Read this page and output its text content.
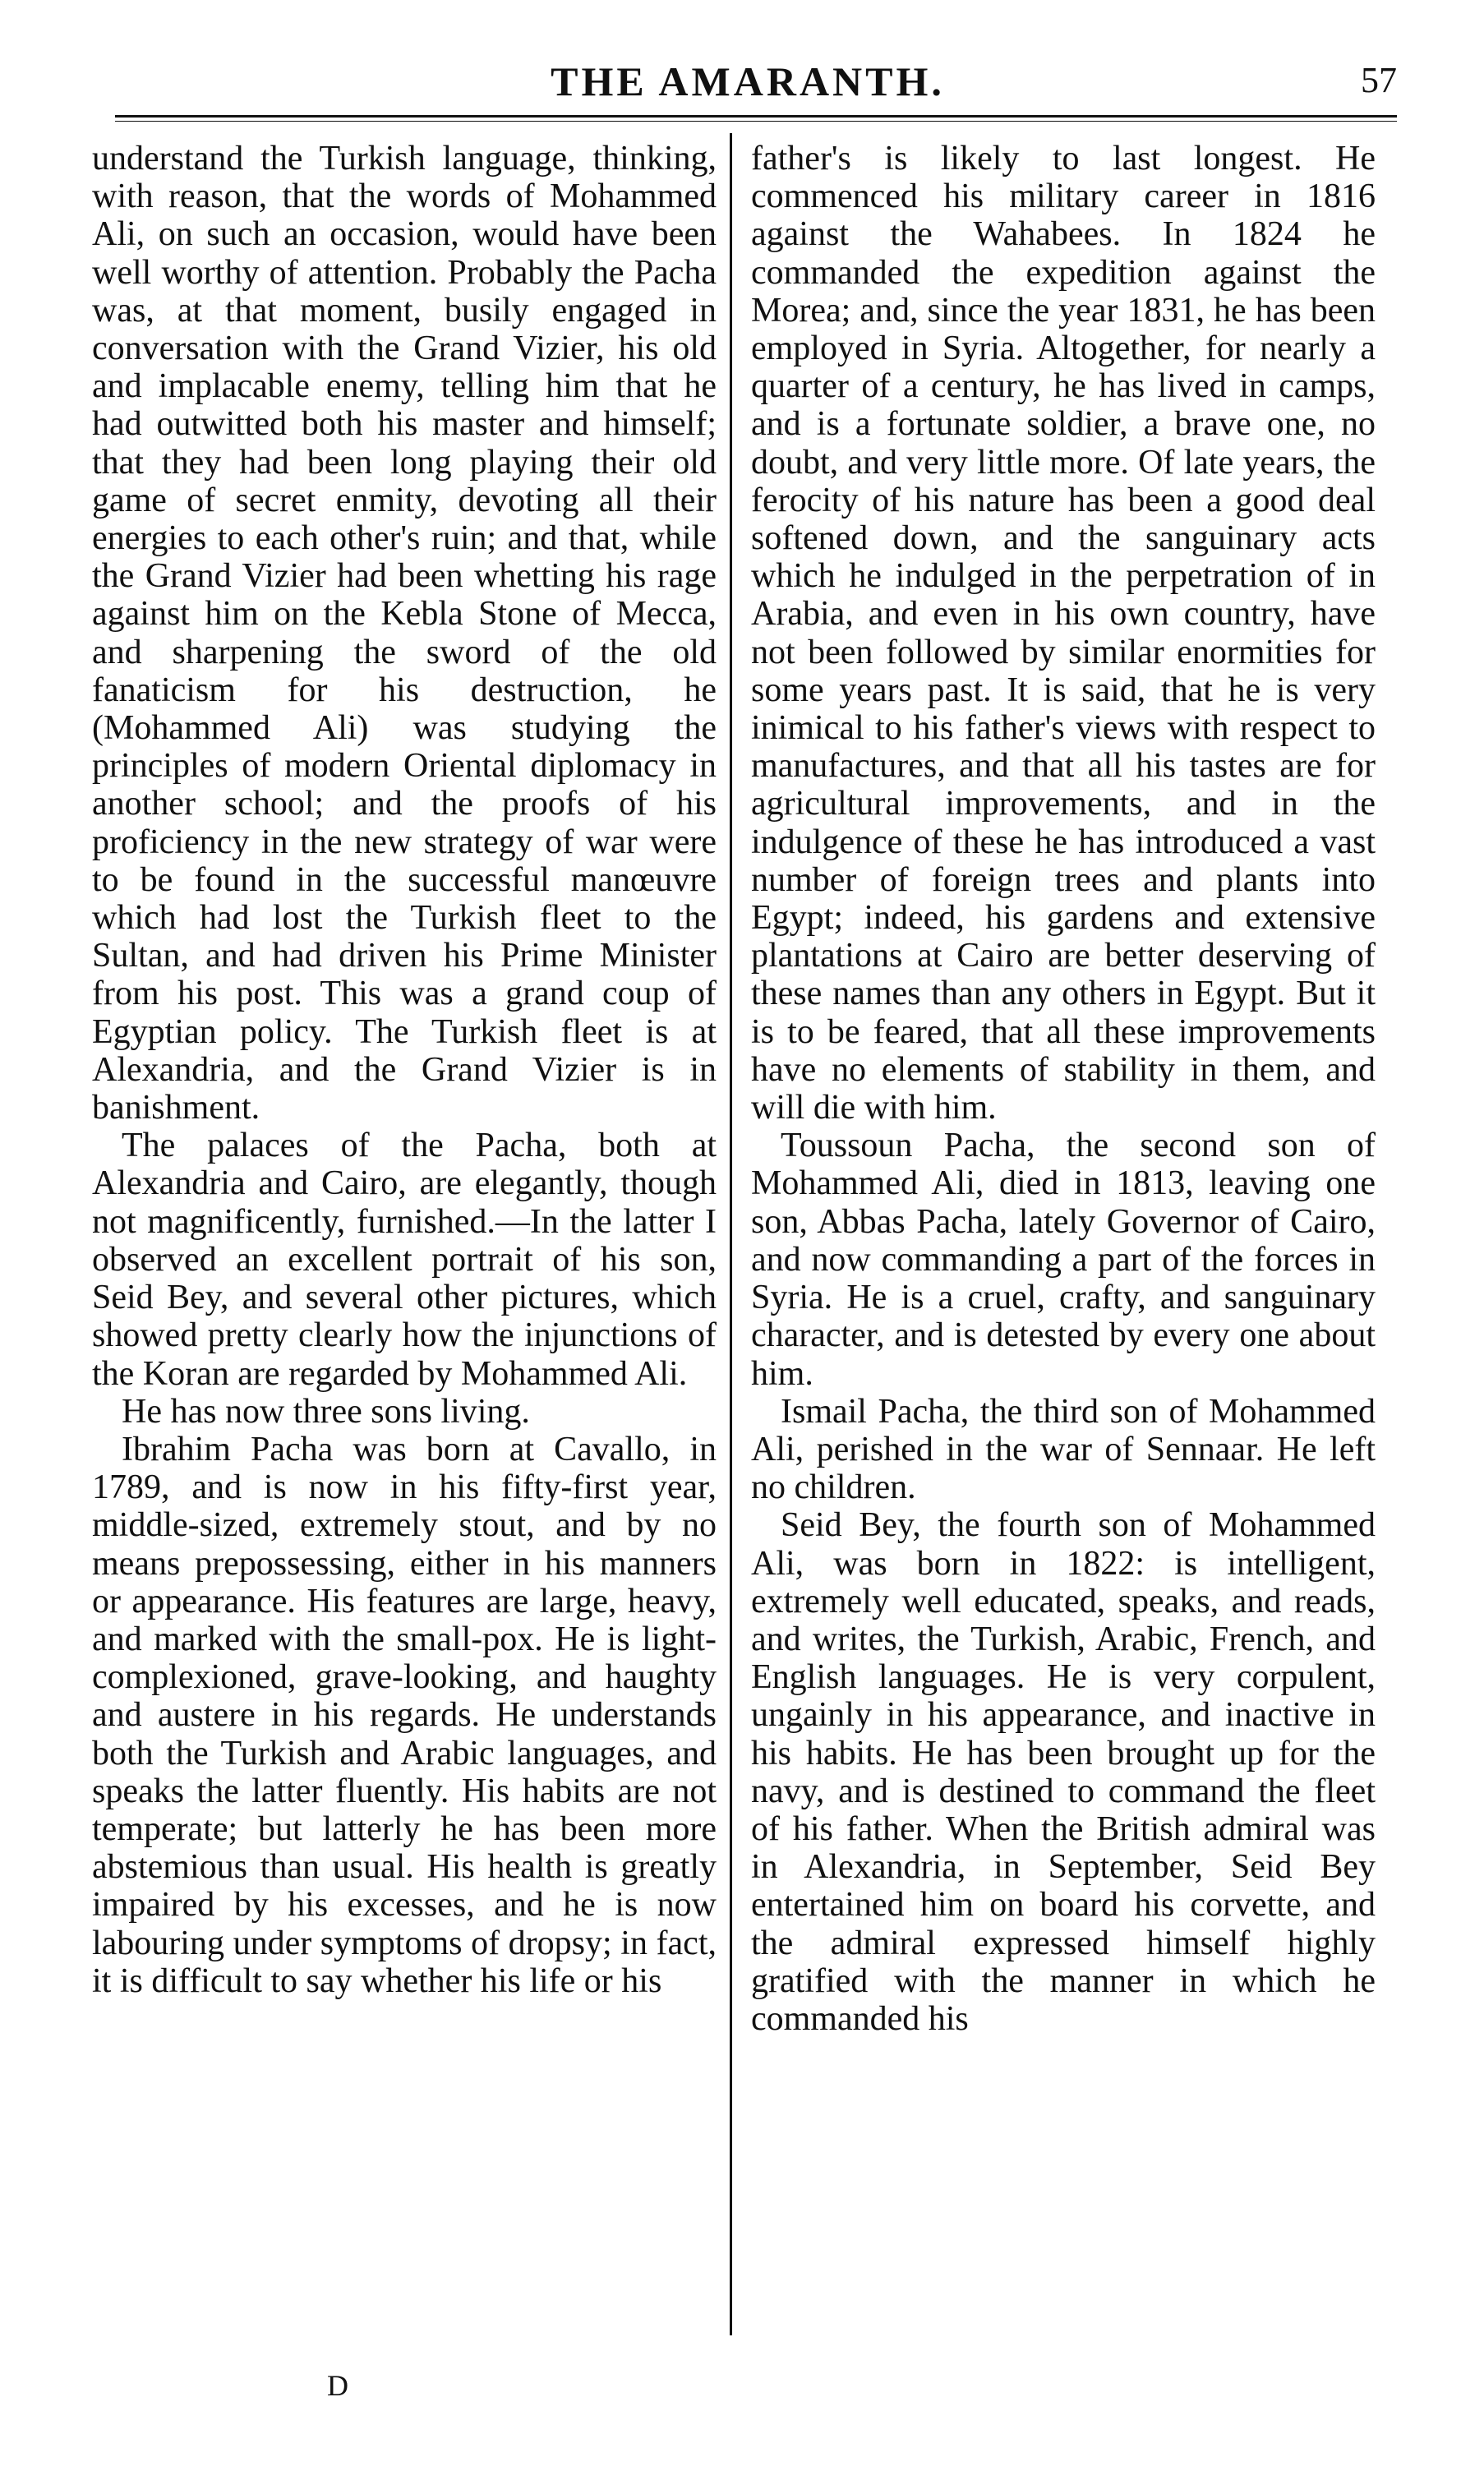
THE AMARANTH.	57

understand the Turkish language, thinking, with reason, that the words of Mohammed Ali, on such an occasion, would have been well worthy of attention. Probably the Pacha was, at that moment, busily engaged in conversation with the Grand Vizier, his old and implacable enemy, telling him that he had outwitted both his master and himself; that they had been long playing their old game of secret enmity, devoting all their energies to each other's ruin; and that, while the Grand Vizier had been whetting his rage against him on the Kebla Stone of Mecca, and sharpening the sword of the old fanaticism for his destruction, he (Mohammed Ali) was studying the principles of modern Oriental diplomacy in another school; and the proofs of his proficiency in the new strategy of war were to be found in the successful manœuvre which had lost the Turkish fleet to the Sultan, and had driven his Prime Minister from his post. This was a grand coup of Egyptian policy. The Turkish fleet is at Alexandria, and the Grand Vizier is in banishment.

The palaces of the Pacha, both at Alexandria and Cairo, are elegantly, though not magnificently, furnished.—In the latter I observed an excellent portrait of his son, Seid Bey, and several other pictures, which showed pretty clearly how the injunctions of the Koran are regarded by Mohammed Ali.

He has now three sons living.

Ibrahim Pacha was born at Cavallo, in 1789, and is now in his fifty-first year, middle-sized, extremely stout, and by no means prepossessing, either in his manners or appearance. His features are large, heavy, and marked with the small-pox. He is light-complexioned, grave-looking, and haughty and austere in his regards. He understands both the Turkish and Arabic languages, and speaks the latter fluently. His habits are not temperate; but latterly he has been more abstemious than usual. His health is greatly impaired by his excesses, and he is now labouring under symptoms of dropsy; in fact, it is difficult to say whether his life or his

father's is likely to last longest. He commenced his military career in 1816 against the Wahabees. In 1824 he commanded the expedition against the Morea; and, since the year 1831, he has been employed in Syria. Altogether, for nearly a quarter of a century, he has lived in camps, and is a fortunate soldier, a brave one, no doubt, and very little more. Of late years, the ferocity of his nature has been a good deal softened down, and the sanguinary acts which he indulged in the perpetration of in Arabia, and even in his own country, have not been followed by similar enormities for some years past. It is said, that he is very inimical to his father's views with respect to manufactures, and that all his tastes are for agricultural improvements, and in the indulgence of these he has introduced a vast number of foreign trees and plants into Egypt; indeed, his gardens and extensive plantations at Cairo are better deserving of these names than any others in Egypt. But it is to be feared, that all these improvements have no elements of stability in them, and will die with him.

Toussoun Pacha, the second son of Mohammed Ali, died in 1813, leaving one son, Abbas Pacha, lately Governor of Cairo, and now commanding a part of the forces in Syria. He is a cruel, crafty, and sanguinary character, and is detested by every one about him.

Ismail Pacha, the third son of Mohammed Ali, perished in the war of Sennaar. He left no children.

Seid Bey, the fourth son of Mohammed Ali, was born in 1822: is intelligent, extremely well educated, speaks, and reads, and writes, the Turkish, Arabic, French, and English languages. He is very corpulent, ungainly in his appearance, and inactive in his habits. He has been brought up for the navy, and is destined to command the fleet of his father. When the British admiral was in Alexandria, in September, Seid Bey entertained him on board his corvette, and the admiral expressed himself highly gratified with the manner in which he commanded his

D
